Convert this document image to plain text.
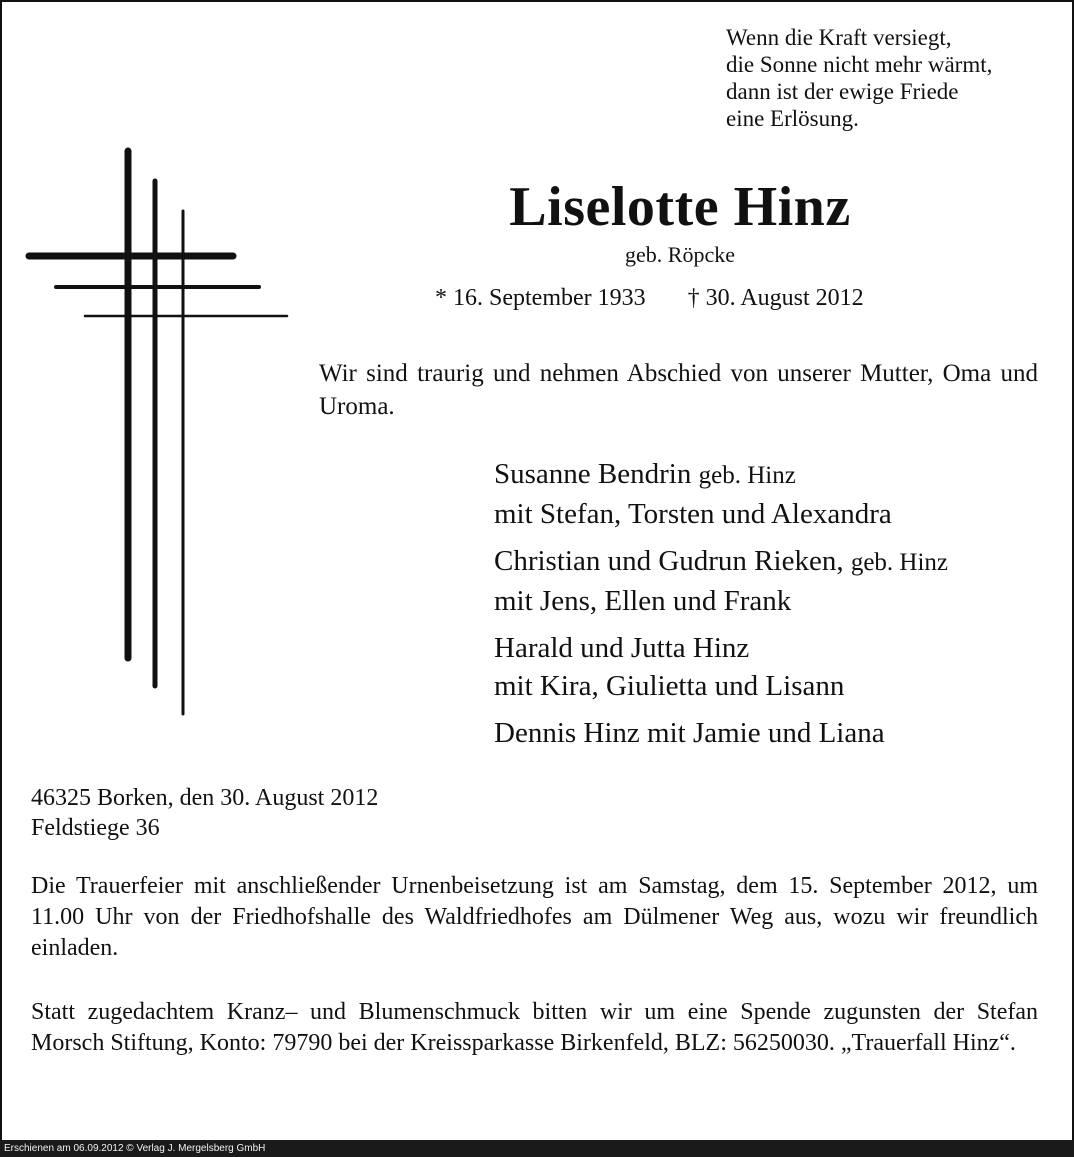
Wenn die Kraft versiegt,
die Sonne nicht mehr wärmt,
dann ist der ewige Friede
eine Erlösung.
Liselotte Hinz
geb. Röpcke
* 16. September 1933 † 30. August 2012
Wir sind traurig und nehmen Abschied von unserer Mutter, Oma und Uroma.
Susanne Bendrin geb. Hinz
mit Stefan, Torsten und Alexandra
Christian und Gudrun Rieken, geb. Hinz
mit Jens, Ellen und Frank
Harald und Jutta Hinz
mit Kira, Giulietta und Lisann
Dennis Hinz mit Jamie und Liana
46325 Borken, den 30. August 2012
Feldstiege 36
Die Trauerfeier mit anschließender Urnenbeisetzung ist am Samstag, dem 15. September 2012, um 11.00 Uhr von der Friedhofshalle des Waldfriedhofes am Dülmener Weg aus, wozu wir freundlich einladen.
Statt zugedachtem Kranz– und Blumenschmuck bitten wir um eine Spende zugunsten der Stefan Morsch Stiftung, Konto: 79790 bei der Kreissparkasse Birkenfeld, BLZ: 56250030. „Trauerfall Hinz“.
Erschienen am 06.09.2012 © Verlag J. Mergelsberg GmbH
